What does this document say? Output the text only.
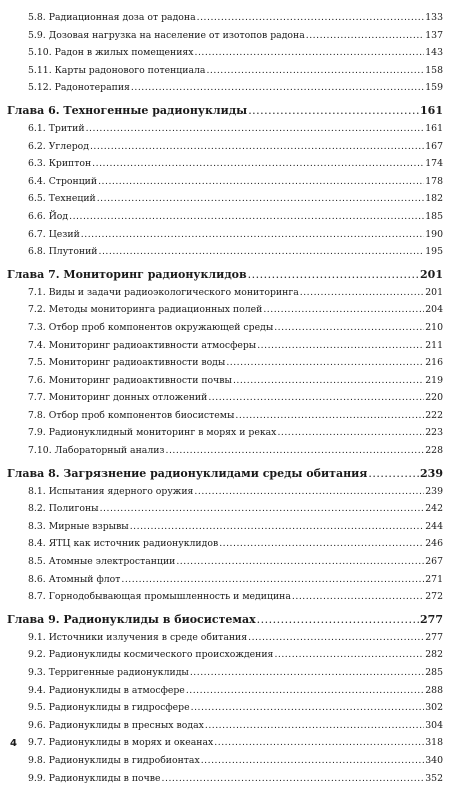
5.8. Радиационная доза от радона .....	133
5.9. Дозовая нагрузка на население от изотопов радона .....	137
5.10. Радон в жилых помещениях .....	143
5.11. Карты радонового потенциала .....	158
5.12. Радонотерапия .....	159
Глава 6. Техногенные радионуклиды .....	161
6.1. Тритий .....	161
6.2. Углерод .....	167
6.3. Криптон .....	174
6.4. Стронций .....	178
6.5. Технеций .....	182
6.6. Йод .....	185
6.7. Цезий .....	190
6.8. Плутоний .....	195
Глава 7. Мониторинг радионуклидов .....	201
7.1. Виды и задачи радиоэкологического мониторинга .....	201
7.2. Методы мониторинга радиационных полей .....	204
7.3. Отбор проб компонентов окружающей среды .....	210
7.4. Мониторинг радиоактивности атмосферы .....	211
7.5. Мониторинг радиоактивности воды .....	216
7.6. Мониторинг радиоактивности почвы .....	219
7.7. Мониторинг донных отложений .....	220
7.8. Отбор проб компонентов биосистемы .....	222
7.9. Радионуклидный мониторинг в морях и реках .....	223
7.10. Лабораторный анализ .....	228
Глава 8. Загрязнение радионуклидами среды обитания .....	239
8.1. Испытания ядерного оружия .....	239
8.2. Полигоны .....	242
8.3. Мирные взрывы .....	244
8.4. ЯТЦ как источник радионуклидов .....	246
8.5. Атомные электростанции .....	267
8.6. Атомный флот .....	271
8.7. Горнодобывающая промышленность и медицина .....	272
Глава 9. Радионуклиды в биосистемах .....	277
9.1. Источники излучения в среде обитания .....	277
9.2. Радионуклиды космического происхождения .....	282
9.3. Терригенные радионуклиды .....	285
9.4. Радионуклиды в атмосфере .....	288
9.5. Радионуклиды в гидросфере .....	302
9.6. Радионуклиды в пресных водах .....	304
9.7. Радионуклиды в морях и океанах .....	318
9.8. Радионуклиды в гидробионтах .....	340
9.9. Радионуклиды в почве .....	352
4
